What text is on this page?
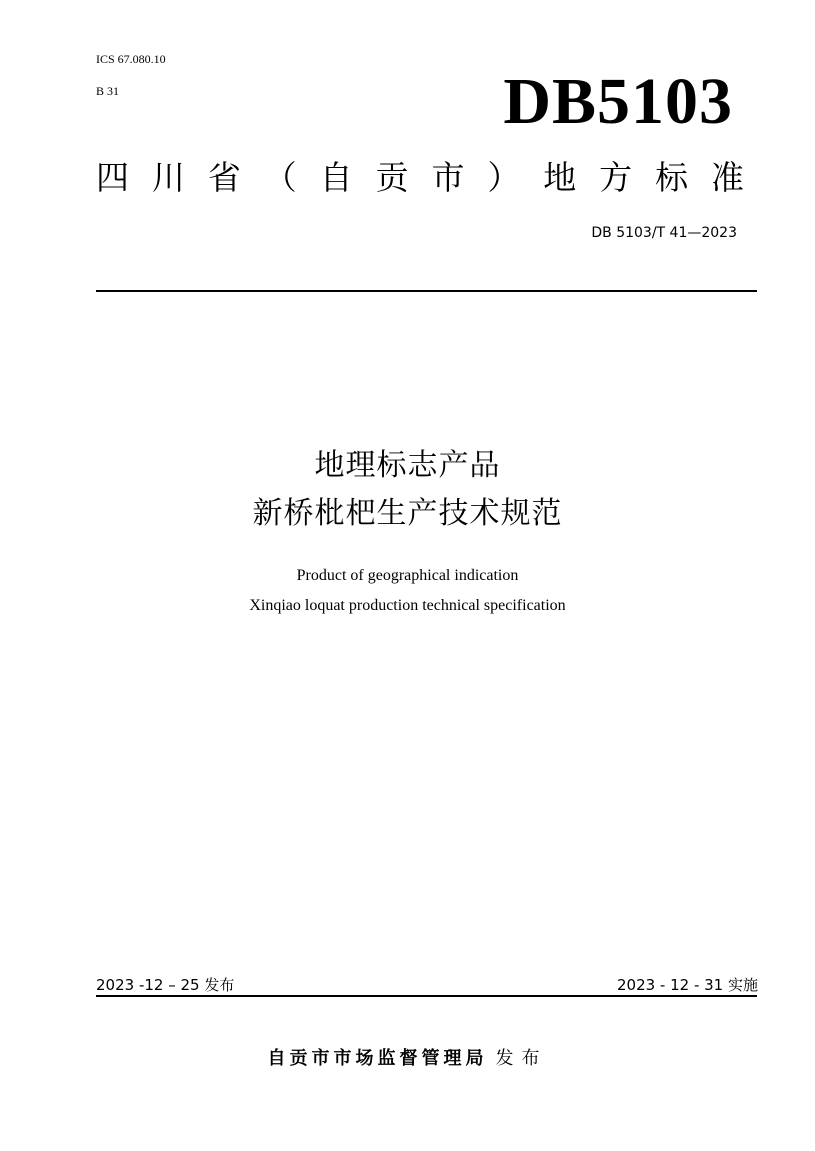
ICS 67.080.10
B 31	DB5103
四 川 省 （ 自 贡 市 ） 地 方 标 准
DB 5103/T 41—2023
地理标志产品
新桥枇杷生产技术规范
Product of geographical indication
Xinqiao loquat production technical specification
2023 -12 – 25 发布	2023 - 12 - 31 实施
自贡市市场监督管理局 发布
